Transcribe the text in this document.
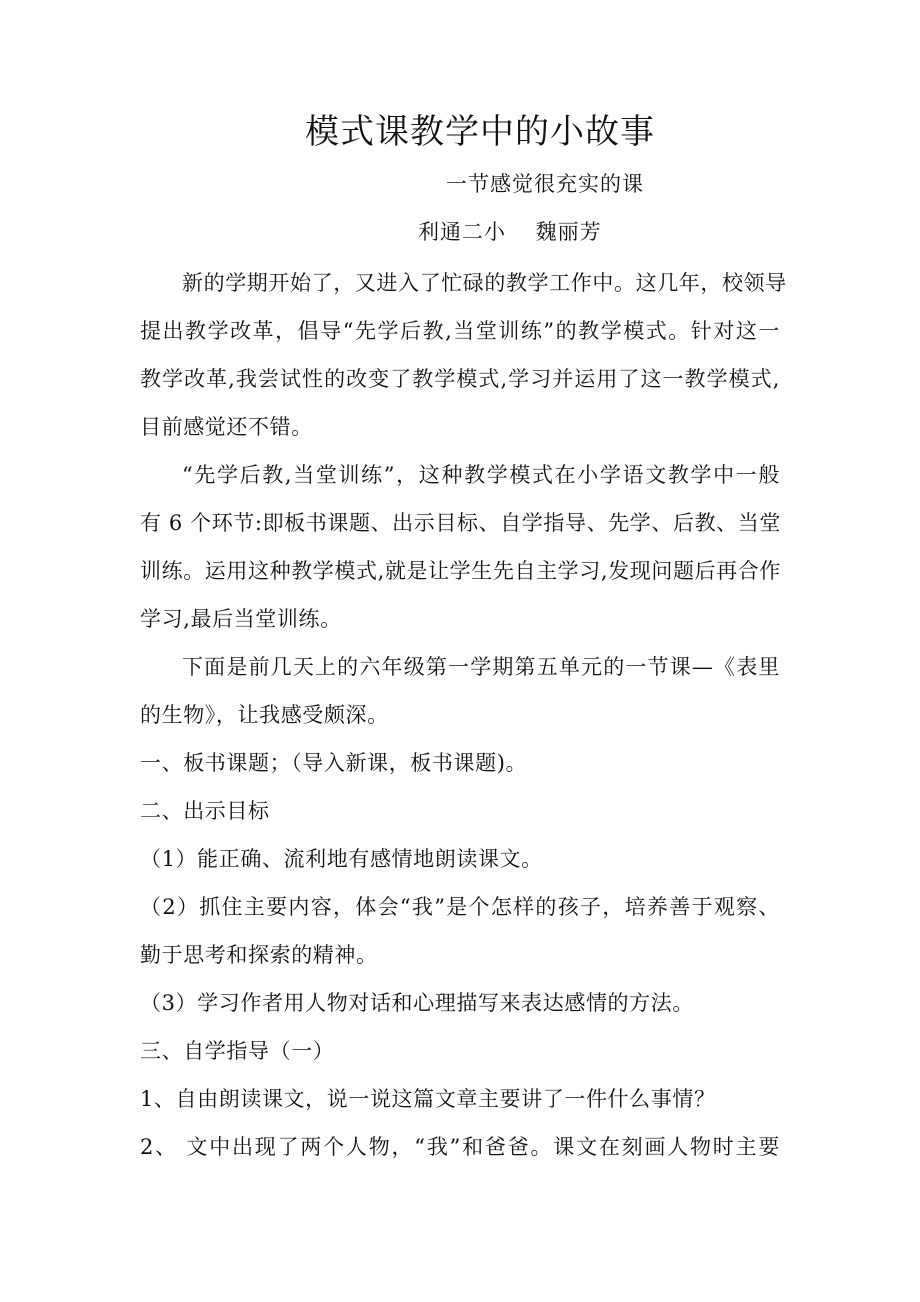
模式课教学中的小故事
一节感觉很充实的课
利通二小　 魏丽芳
新的学期开始了，又进入了忙碌的教学工作中。这几年，校领导
提出教学改革，倡导“先学后教,当堂训练”的教学模式。针对这一
教学改革,我尝试性的改变了教学模式,学习并运用了这一教学模式,
目前感觉还不错。
“先学后教,当堂训练”，这种教学模式在小学语文教学中一般
有 6 个环节:即板书课题、出示目标、自学指导、先学、后教、当堂
训练。运用这种教学模式,就是让学生先自主学习,发现问题后再合作
学习,最后当堂训练。
下面是前几天上的六年级第一学期第五单元的一节课—《表里
的生物》，让我感受颇深。
一、板书课题；（导入新课，板书课题)。
二、出示目标
（1）能正确、流利地有感情地朗读课文。
（2）抓住主要内容，体会“我”是个怎样的孩子，培养善于观察、
勤于思考和探索的精神。
（3）学习作者用人物对话和心理描写来表达感情的方法。
三、自学指导（一）
1、自由朗读课文，说一说这篇文章主要讲了一件什么事情？
2、 文中出现了两个人物，“我”和爸爸。课文在刻画人物时主要
